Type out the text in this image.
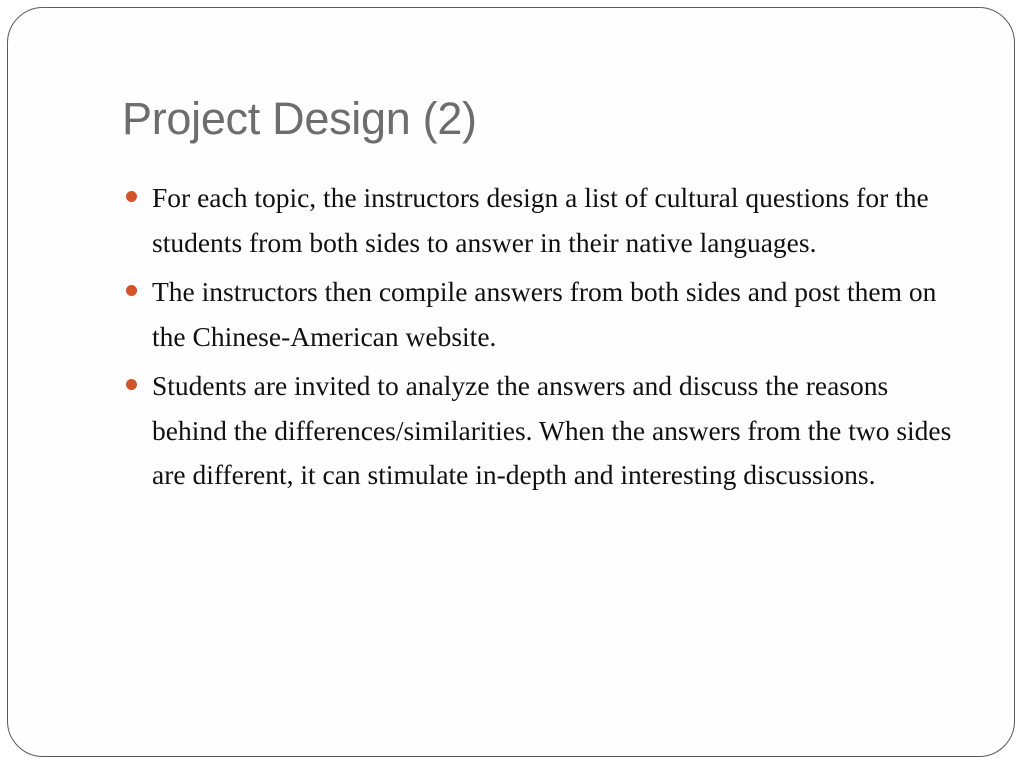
Project Design (2)
For each topic, the instructors design a list of cultural questions for the students from both sides to answer in their native languages.
The instructors then compile answers from both sides and post them on the Chinese-American website.
Students are invited to analyze the answers and discuss the reasons behind the differences/similarities. When the answers from the two sides are different, it can stimulate in-depth and interesting discussions.
